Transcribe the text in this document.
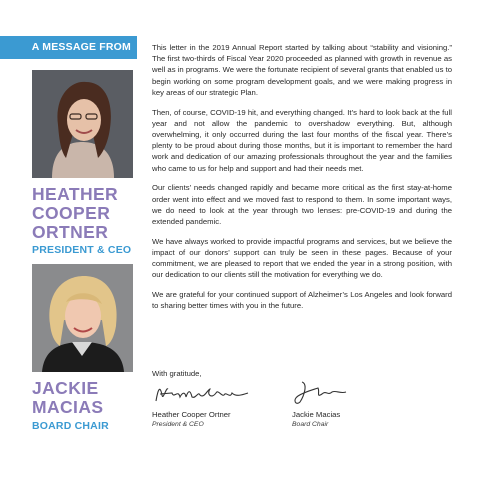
A MESSAGE FROM
HEATHER
COOPER
ORTNER
PRESIDENT & CEO
JACKIE
MACIAS
BOARD CHAIR

This letter in the 2019 Annual Report started by talking about “stability and visioning.” The first two-thirds of Fiscal Year 2020 proceeded as planned with growth in revenue as well as in programs. We were the fortunate recipient of several grants that enabled us to begin working on some program development goals, and we were making progress in key areas of our strategic Plan.

Then, of course, COVID-19 hit, and everything changed. It’s hard to look back at the full year and not allow the pandemic to overshadow everything. But, although overwhelming, it only occurred during the last four months of the fiscal year. There’s plenty to be proud about during those months, but it is important to remember the hard work and dedication of our amazing professionals throughout the year and the families who came to us for help and support and had their needs met.

Our clients’ needs changed rapidly and became more critical as the first stay-at-home order went into effect and we moved fast to respond to them. In some important ways, we do need to look at the year through two lenses: pre-COVID-19 and during the extended pandemic.

We have always worked to provide impactful programs and services, but we believe the impact of our donors’ support can truly be seen in these pages. Because of your commitment, we are pleased to report that we ended the year in a strong position, with our dedication to our clients still the motivation for everything we do.

We are grateful for your continued support of Alzheimer’s Los Angeles and look forward to sharing better times with you in the future.

With gratitude,
Heather Cooper Ortner
President & CEO
Jackie Macias
Board Chair
